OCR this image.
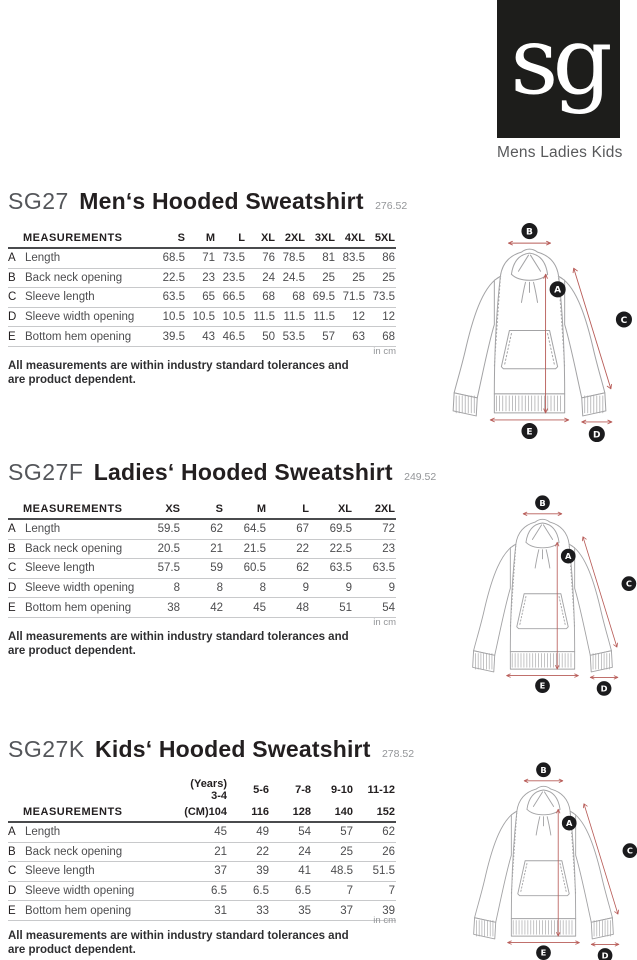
sg
Mens Ladies Kids
SG27 Men‘s Hooded Sweatshirt 276.52
MEASUREMENTS		S	M	L	XL	2XL	3XL	4XL	5XL
A	Length	68.5	71	73.5	76	78.5	81	83.5	86
B	Back neck opening	22.5	23	23.5	24	24.5	25	25	25
C	Sleeve length	63.5	65	66.5	68	68	69.5	71.5	73.5
D	Sleeve width opening	10.5	10.5	10.5	11.5	11.5	11.5	12	12
E	Bottom hem opening	39.5	43	46.5	50	53.5	57	63	68
in cm
All measurements are within industry standard tolerances and
are product dependent.
B
A
C
D
E
SG27F Ladies‘ Hooded Sweatshirt 249.52
MEASUREMENTS		XS	S	M	L	XL	2XL
A	Length	59.5	62	64.5	67	69.5	72
B	Back neck opening	20.5	21	21.5	22	22.5	23
C	Sleeve length	57.5	59	60.5	62	63.5	63.5
D	Sleeve width opening	8	8	8	9	9	9
E	Bottom hem opening	38	42	45	48	51	54
in cm
All measurements are within industry standard tolerances and
are product dependent.
B
A
C
D
E
SG27K Kids‘ Hooded Sweatshirt 278.52
		(Years) 3-4	5-6	7-8	9-10	11-12
MEASUREMENTS		(CM)104	116	128	140	152
A	Length	45	49	54	57	62
B	Back neck opening	21	22	24	25	26
C	Sleeve length	37	39	41	48.5	51.5
D	Sleeve width opening	6.5	6.5	6.5	7	7
E	Bottom hem opening	31	33	35	37	39
in cm
All measurements are within industry standard tolerances and
are product dependent.
B
A
C
D
E
